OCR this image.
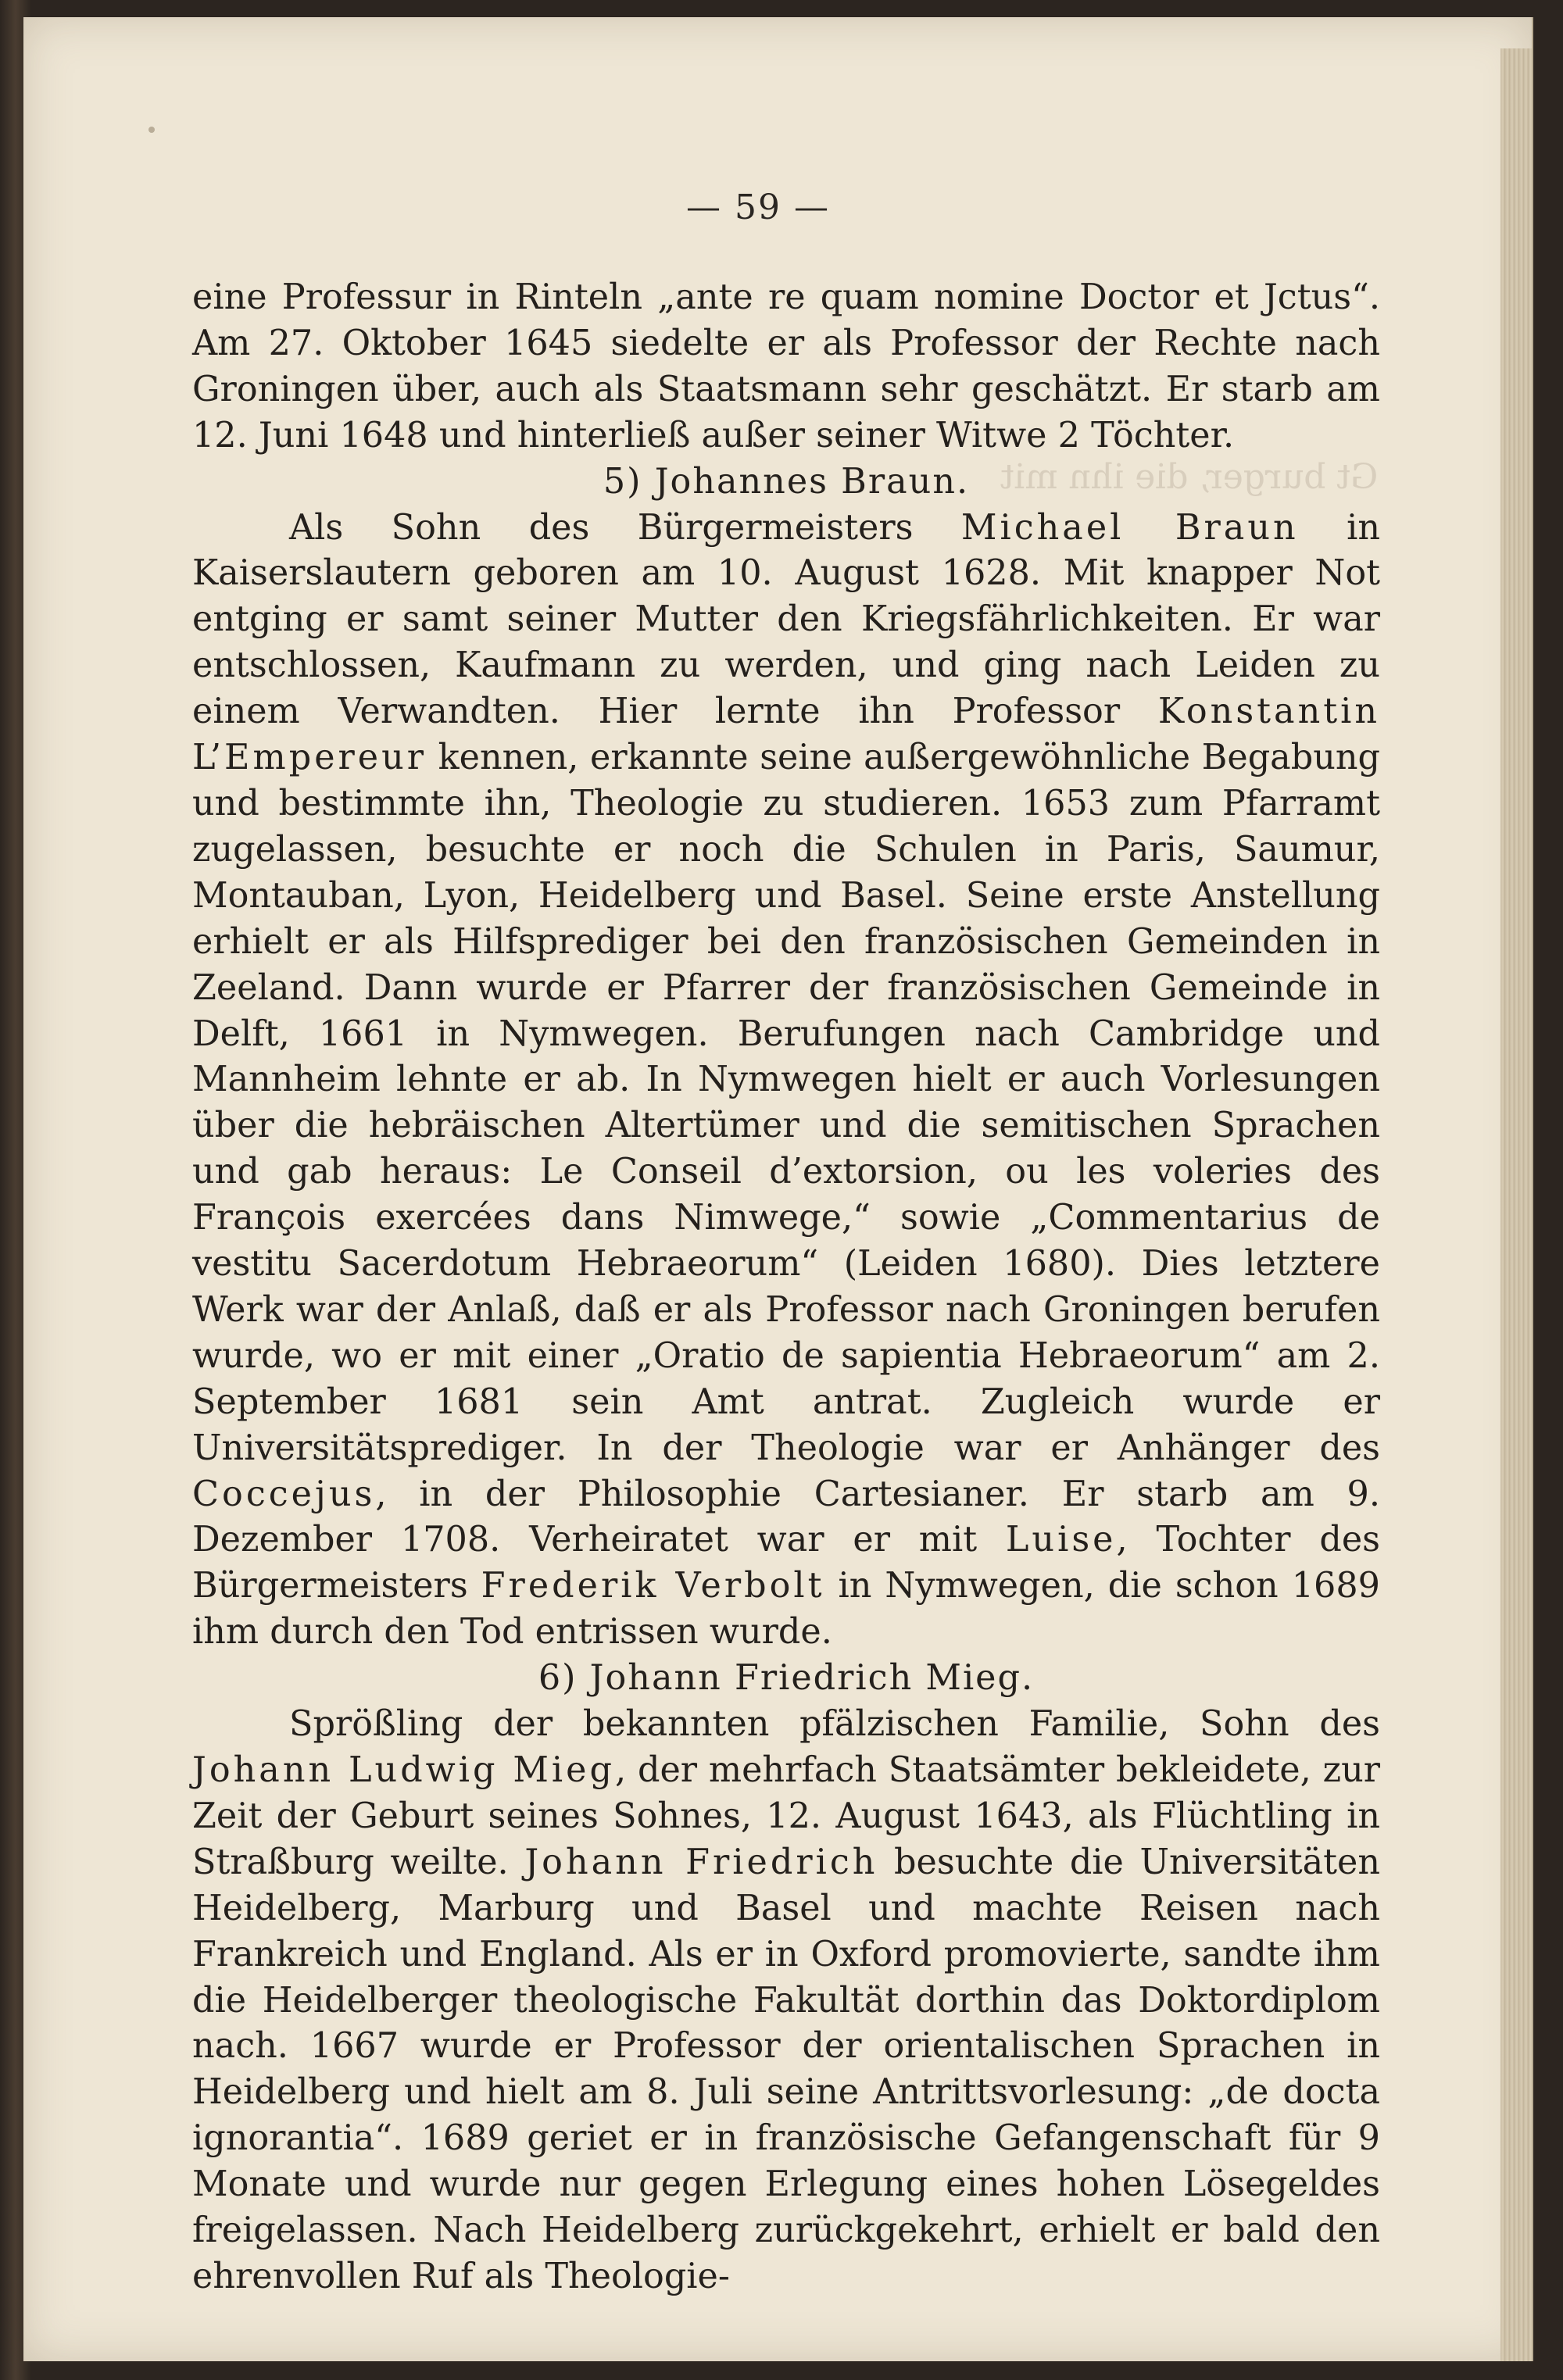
Gt burger, die ihn mit
— 59 —

eine Professur in Rinteln „ante re quam nomine Doctor et Jctus“. Am 27. Oktober 1645 siedelte er als Professor der Rechte nach Groningen über, auch als Staatsmann sehr geschätzt. Er starb am 12. Juni 1648 und hinterließ außer seiner Witwe 2 Töchter.

5) Johannes Braun.

Als Sohn des Bürgermeisters Michael Braun in Kaiserslautern geboren am 10. August 1628. Mit knapper Not entging er samt seiner Mutter den Kriegsfährlichkeiten. Er war entschlossen, Kaufmann zu werden, und ging nach Leiden zu einem Verwandten. Hier lernte ihn Professor Konstantin L’Empereur kennen, erkannte seine außergewöhnliche Begabung und bestimmte ihn, Theologie zu studieren. 1653 zum Pfarramt zugelassen, besuchte er noch die Schulen in Paris, Saumur, Montauban, Lyon, Heidelberg und Basel. Seine erste Anstellung erhielt er als Hilfsprediger bei den französischen Gemeinden in Zeeland. Dann wurde er Pfarrer der französischen Gemeinde in Delft, 1661 in Nymwegen. Berufungen nach Cambridge und Mannheim lehnte er ab. In Nymwegen hielt er auch Vorlesungen über die hebräischen Altertümer und die semitischen Sprachen und gab heraus: Le Conseil d’extorsion, ou les voleries des François exercées dans Nimwege,“ sowie „Commentarius de vestitu Sacerdotum Hebraeorum“ (Leiden 1680). Dies letztere Werk war der Anlaß, daß er als Professor nach Groningen berufen wurde, wo er mit einer „Oratio de sapientia Hebraeorum“ am 2. September 1681 sein Amt antrat. Zugleich wurde er Universitätsprediger. In der Theologie war er Anhänger des Coccejus, in der Philosophie Cartesianer. Er starb am 9. Dezember 1708. Verheiratet war er mit Luise, Tochter des Bürgermeisters Frederik Verbolt in Nymwegen, die schon 1689 ihm durch den Tod entrissen wurde.

6) Johann Friedrich Mieg.

Sprößling der bekannten pfälzischen Familie, Sohn des Johann Ludwig Mieg, der mehrfach Staatsämter bekleidete, zur Zeit der Geburt seines Sohnes, 12. August 1643, als Flüchtling in Straßburg weilte. Johann Friedrich besuchte die Universitäten Heidelberg, Marburg und Basel und machte Reisen nach Frankreich und England. Als er in Oxford promovierte, sandte ihm die Heidelberger theologische Fakultät dorthin das Doktordiplom nach. 1667 wurde er Professor der orientalischen Sprachen in Heidelberg und hielt am 8. Juli seine Antrittsvorlesung: „de docta ignorantia“. 1689 geriet er in französische Gefangenschaft für 9 Monate und wurde nur gegen Erlegung eines hohen Lösegeldes freigelassen. Nach Heidelberg zurückgekehrt, erhielt er bald den ehrenvollen Ruf als Theologie-
